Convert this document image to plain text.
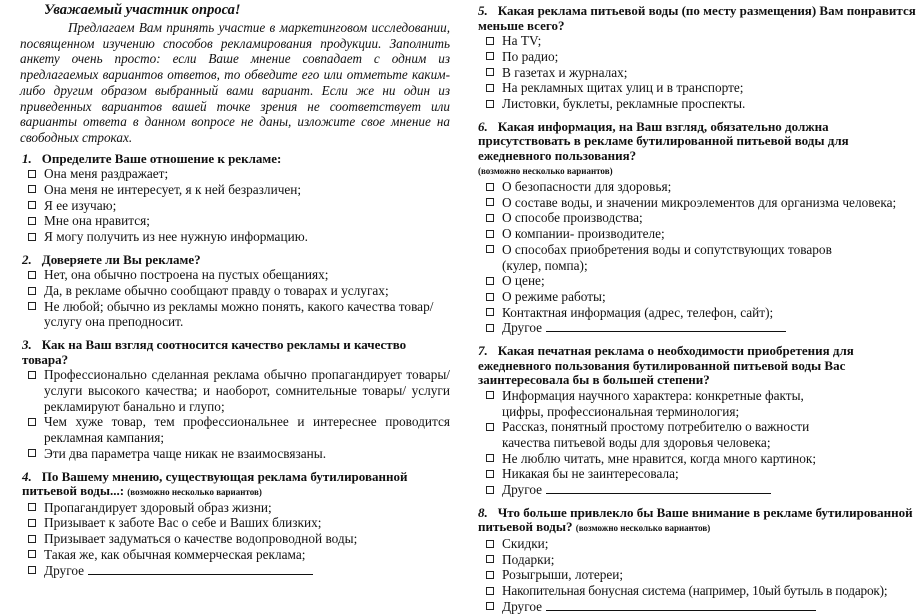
Уважаемый участник опроса!
Предлагаем Вам принять участие в маркетинговом исследовании, посвященном изучению способов рекламирования продукции. Заполнить анкету очень просто: если Ваше мнение совпадает с одним из предлагаемых вариантов ответов, то обведите его или отметьте каким-либо другим образом выбранный вами вариант. Если же ни один из приведенных вариантов вашей точке зрения не соответствует или варианты ответа в данном вопросе не даны, изложите свое мнение на свободных строках.
1. Определите Ваше отношение к рекламе:
Она меня раздражает;
Она меня не интересует, я к ней безразличен;
Я ее изучаю;
Мне она нравится;
Я могу получить из нее нужную информацию.
2. Доверяете ли Вы рекламе?
Нет, она обычно построена на пустых обещаниях;
Да, в рекламе обычно сообщают правду о товарах и услугах;
Не любой; обычно из рекламы можно понять, какого качества товар/ услугу она преподносит.
3. Как на Ваш взгляд соотносится качество рекламы и качество товара?
Профессионально сделанная реклама обычно пропагандирует товары/ услуги высокого качества; и наоборот, сомнительные товары/ услуги рекламируют банально и глупо;
Чем хуже товар, тем профессиональнее и интереснее проводится рекламная кампания;
Эти два параметра чаще никак не взаимосвязаны.
4. По Вашему мнению, существующая реклама бутилированной питьевой воды...: (возможно несколько вариантов)
Пропагандирует здоровый образ жизни;
Призывает к заботе Вас о себе и Ваших близких;
Призывает задуматься о качестве водопроводной воды;
Такая же, как обычная коммерческая реклама;
Другое
5. Какая реклама питьевой воды (по месту размещения) Вам понравится меньше всего?
На TV;
По радио;
В газетах и журналах;
На рекламных щитах улиц и в транспорте;
Листовки, буклеты, рекламные проспекты.
6. Какая информация, на Ваш взгляд, обязательно должна присутствовать в рекламе бутилированной питьевой воды для ежедневного пользования?
(возможно несколько вариантов)
О безопасности для здоровья;
О составе воды, и значении микроэлементов для организма человека;
О способе производства;
О компании- производителе;
О способах приобретения воды и сопутствующих товаров (кулер, помпа);
О цене;
О режиме работы;
Контактная информация (адрес, телефон, сайт);
Другое
7. Какая печатная реклама о необходимости приобретения для ежедневного пользования бутилированной питьевой воды Вас заинтересовала бы в большей степени?
Информация научного характера: конкретные факты, цифры, профессиональная терминология;
Рассказ, понятный простому потребителю о важности качества питьевой воды для здоровья человека;
Не люблю читать, мне нравится, когда много картинок;
Никакая бы не заинтересовала;
Другое
8. Что больше привлекло бы Ваше внимание в рекламе бутилированной питьевой воды? (возможно несколько вариантов)
Скидки;
Подарки;
Розыгрыши, лотереи;
Накопительная бонусная система (например, 10ый бутыль в подарок);
Другое
